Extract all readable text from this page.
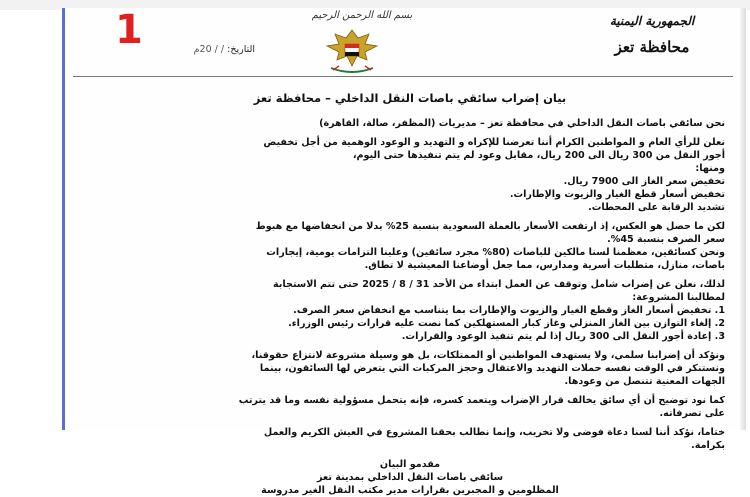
الجمهورية اليمنية
محافظة تعز
بسم الله الرحمن الرحيم
1	التاريخ: / / 20م
بيان إضراب سائقي باصات النقل الداخلي – محافظة تعز
نحن سائقي باصات النقل الداخلي في محافظة تعز – مديريات (المظفر، صالة، القاهرة)
نعلن للرأي العام و المواطنين الكرام أننا تعرضنا للإكراه و التهديد و الوعود الوهمية من أجل تخفيض
أجور النقل من 300 ريال الى 200 ريال، مقابل وعود لم يتم تنفيذها حتى اليوم،
ومنها:
تخفيض سعر الغاز الى 7900 ريال.
تخفيض أسعار قطع الغيار والزيوت والإطارات.
تشديد الرقابة على المحطات.
لكن ما حصل هو العكس، إذ ارتفعت الأسعار بالعملة السعودية بنسبة 25% بدلا من انخفاضها مع هبوط
سعر الصرف بنسبة 45%.
ونحن كسائقين، معظمنا لسنا مالكين للباصات (80% مجرد سائقين) وعلينا التزامات يومية، إيجارات
باصات، منازل، متطلبات أسرية ومدارس، مما جعل أوضاعنا المعيشية لا تطاق.
لذلك، نعلن عن إضراب شامل وتوقف عن العمل ابتداء من الأحد 31 / 8 / 2025 حتى تتم الاستجابة
لمطالبنا المشروعة:
1. تخفيض أسعار الغاز وقطع الغيار والزيوت والإطارات بما يتناسب مع انخفاض سعر الصرف.
2. إلغاء التوازن بين الغاز المنزلي وغاز كبار المستهلكين كما نصت عليه قرارات رئيس الوزراء.
3. إعادة أجور النقل الى 300 ريال إذا لم يتم تنفيذ الوعود والقرارات.
ونؤكد أن إضرابنا سلمي، ولا يستهدف المواطنين أو الممتلكات، بل هو وسيلة مشروعة لانتزاع حقوقنا،
ونستنكر في الوقت نفسه حملات التهديد والاعتقال وحجز المركبات التي يتعرض لها السائقون، بينما
الجهات المعنية تتنصل من وعودها.
كما نود توضيح أن أي سائق يخالف قرار الإضراب ويتعمد كسره، فإنه يتحمل مسؤولية نفسه وما قد يترتب
على تصرفاته.
ختاما، نؤكد أننا لسنا دعاة فوضى ولا تخريب، وإنما نطالب بحقنا المشروع في العيش الكريم والعمل
بكرامة.
مقدمو البيان
سائقي باصات النقل الداخلي بمدينة تعز
المظلومين و المجبرين بقرارات مدير مكتب النقل الغير مدروسة
